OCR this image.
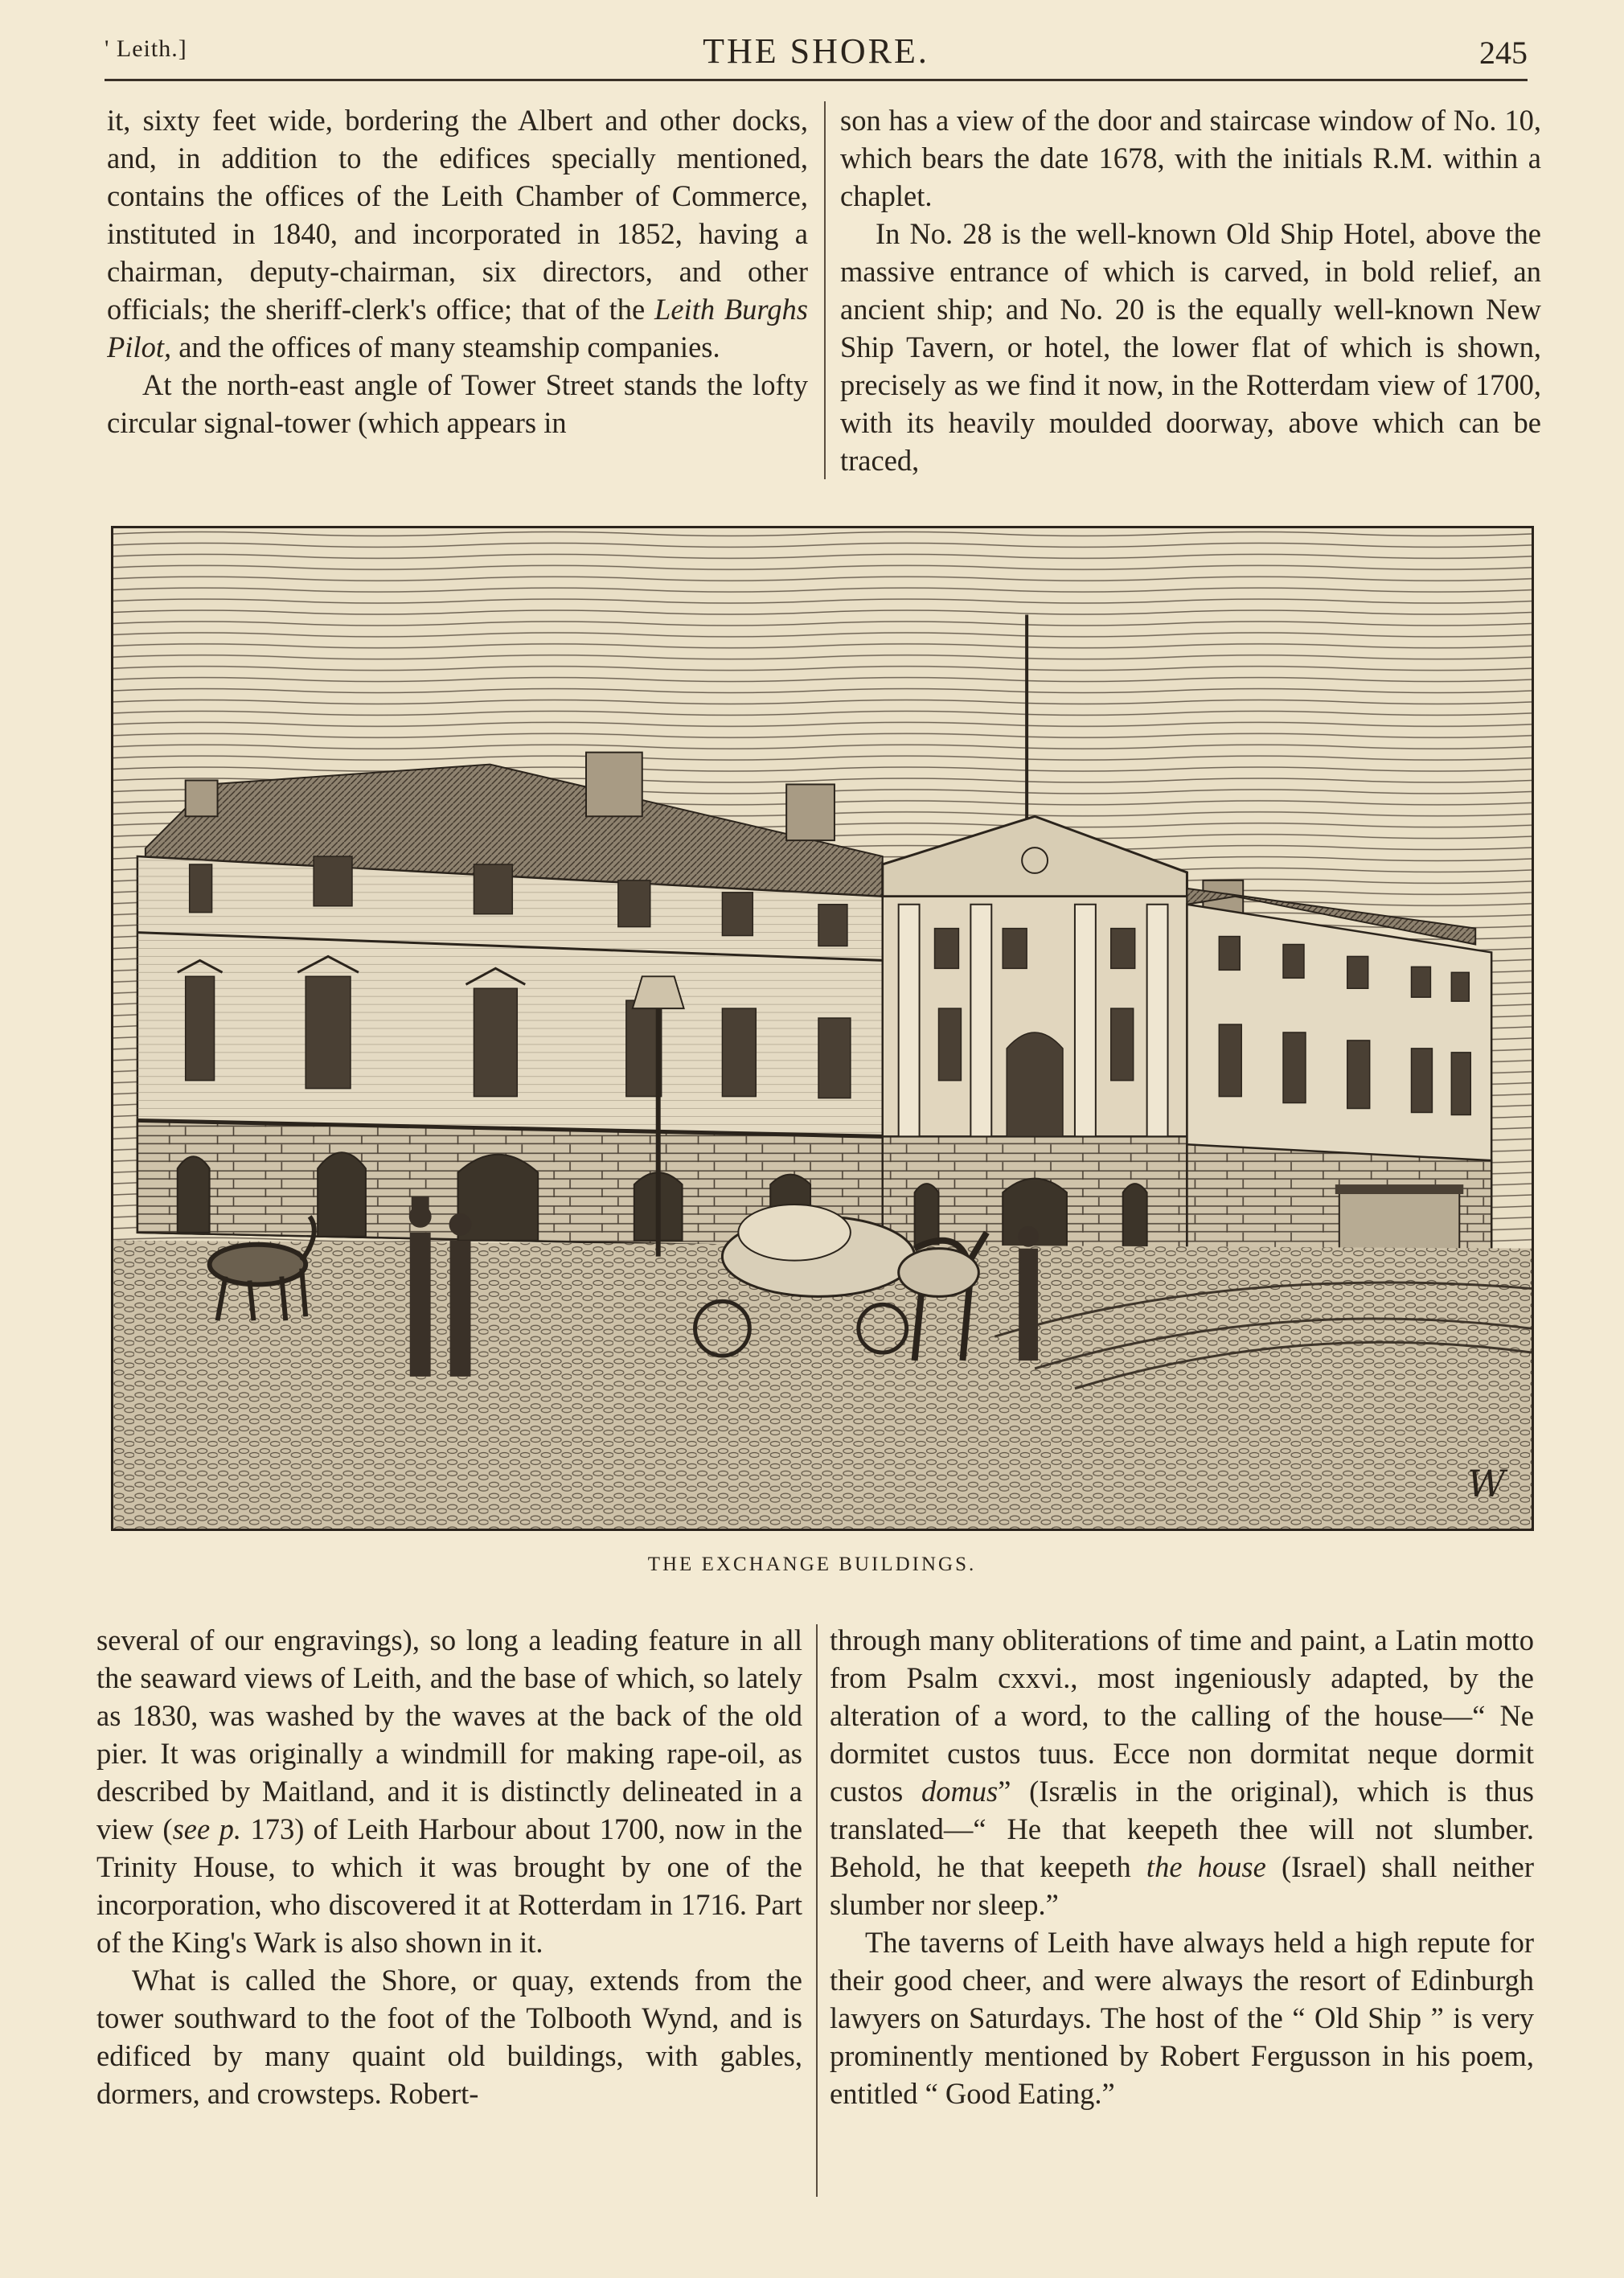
' Leith.]	THE SHORE.	245

it, sixty feet wide, bordering the Albert and other docks, and, in addition to the edifices specially mentioned, contains the offices of the Leith Chamber of Commerce, instituted in 1840, and incorporated in 1852, having a chairman, deputy-chairman, six directors, and other officials; the sheriff-clerk's office; that of the Leith Burghs Pilot, and the offices of many steamship companies.

At the north-east angle of Tower Street stands the lofty circular signal-tower (which appears in

son has a view of the door and staircase window of No. 10, which bears the date 1678, with the initials R.M. within a chaplet.

In No. 28 is the well-known Old Ship Hotel, above the massive entrance of which is carved, in bold relief, an ancient ship; and No. 20 is the equally well-known New Ship Tavern, or hotel, the lower flat of which is shown, precisely as we find it now, in the Rotterdam view of 1700, with its heavily moulded doorway, above which can be traced,

W
THE EXCHANGE BUILDINGS.

several of our engravings), so long a leading feature in all the seaward views of Leith, and the base of which, so lately as 1830, was washed by the waves at the back of the old pier. It was originally a windmill for making rape-oil, as described by Maitland, and it is distinctly delineated in a view (see p. 173) of Leith Harbour about 1700, now in the Trinity House, to which it was brought by one of the incorporation, who discovered it at Rotterdam in 1716. Part of the King's Wark is also shown in it.

What is called the Shore, or quay, extends from the tower southward to the foot of the Tolbooth Wynd, and is edificed by many quaint old buildings, with gables, dormers, and crowsteps. Robert-

through many obliterations of time and paint, a Latin motto from Psalm cxxvi., most ingeniously adapted, by the alteration of a word, to the calling of the house—“ Ne dormitet custos tuus. Ecce non dormitat neque dormit custos domus” (Isrælis in the original), which is thus translated—“ He that keepeth thee will not slumber. Behold, he that keepeth the house (Israel) shall neither slumber nor sleep.”

The taverns of Leith have always held a high repute for their good cheer, and were always the resort of Edinburgh lawyers on Saturdays. The host of the “ Old Ship ” is very prominently mentioned by Robert Fergusson in his poem, entitled “ Good Eating.”
